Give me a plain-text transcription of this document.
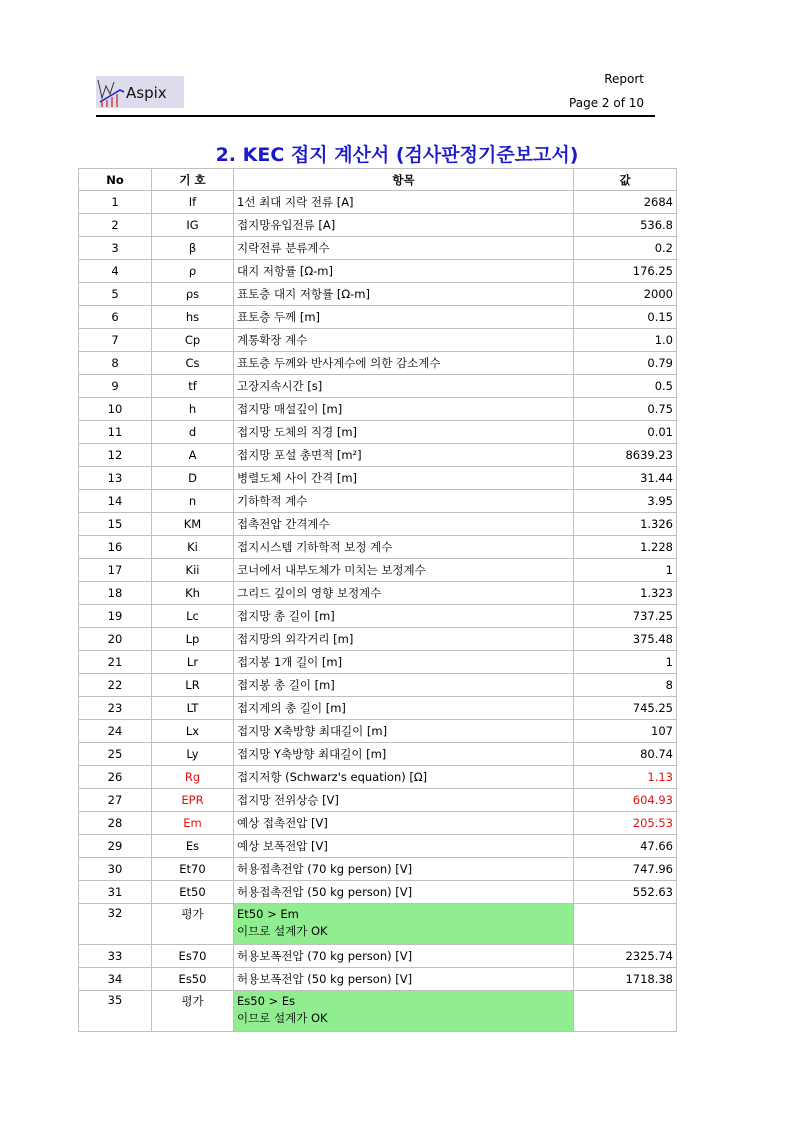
Aspix
Report
Page 2 of 10
2. KEC 접지 계산서 (검사판정기준보고서)
No	기 호	항목	값
1	If	1선 최대 지락 전류 [A]	2684
2	IG	접지망유입전류 [A]	536.8
3	β	지락전류 분류계수	0.2
4	ρ	대지 저항률 [Ω-m]	176.25
5	ρs	표토층 대지 저항률 [Ω-m]	2000
6	hs	표토층 두께 [m]	0.15
7	Cp	계통확장 계수	1.0
8	Cs	표토층 두께와 반사계수에 의한 감소계수	0.79
9	tf	고장지속시간 [s]	0.5
10	h	접지망 매설깊이 [m]	0.75
11	d	접지망 도체의 직경 [m]	0.01
12	A	접지망 포설 총면적 [m²]	8639.23
13	D	병렬도체 사이 간격 [m]	31.44
14	n	기하학적 계수	3.95
15	KM	접촉전압 간격계수	1.326
16	Ki	접지시스템 기하학적 보정 계수	1.228
17	Kii	코너에서 내부도체가 미치는 보정계수	1
18	Kh	그리드 깊이의 영향 보정계수	1.323
19	Lc	접지망 총 길이 [m]	737.25
20	Lp	접지망의 외각거리 [m]	375.48
21	Lr	접지봉 1개 길이 [m]	1
22	LR	접지봉 총 길이 [m]	8
23	LT	접지계의 총 길이 [m]	745.25
24	Lx	접지망 X축방향 최대길이 [m]	107
25	Ly	접지망 Y축방향 최대길이 [m]	80.74
26	Rg	접지저항 (Schwarz's equation) [Ω]	1.13
27	EPR	접지망 전위상승 [V]	604.93
28	Em	예상 접촉전압 [V]	205.53
29	Es	예상 보폭전압 [V]	47.66
30	Et70	허용접촉전압 (70 kg person) [V]	747.96
31	Et50	허용접촉전압 (50 kg person) [V]	552.63
32	평가	Et50 > Em
이므로 설계가 OK	

33	Es70	허용보폭전압 (70 kg person) [V]	2325.74
34	Es50	허용보폭전압 (50 kg person) [V]	1718.38
35	평가	Es50 > Es
이므로 설계가 OK	
